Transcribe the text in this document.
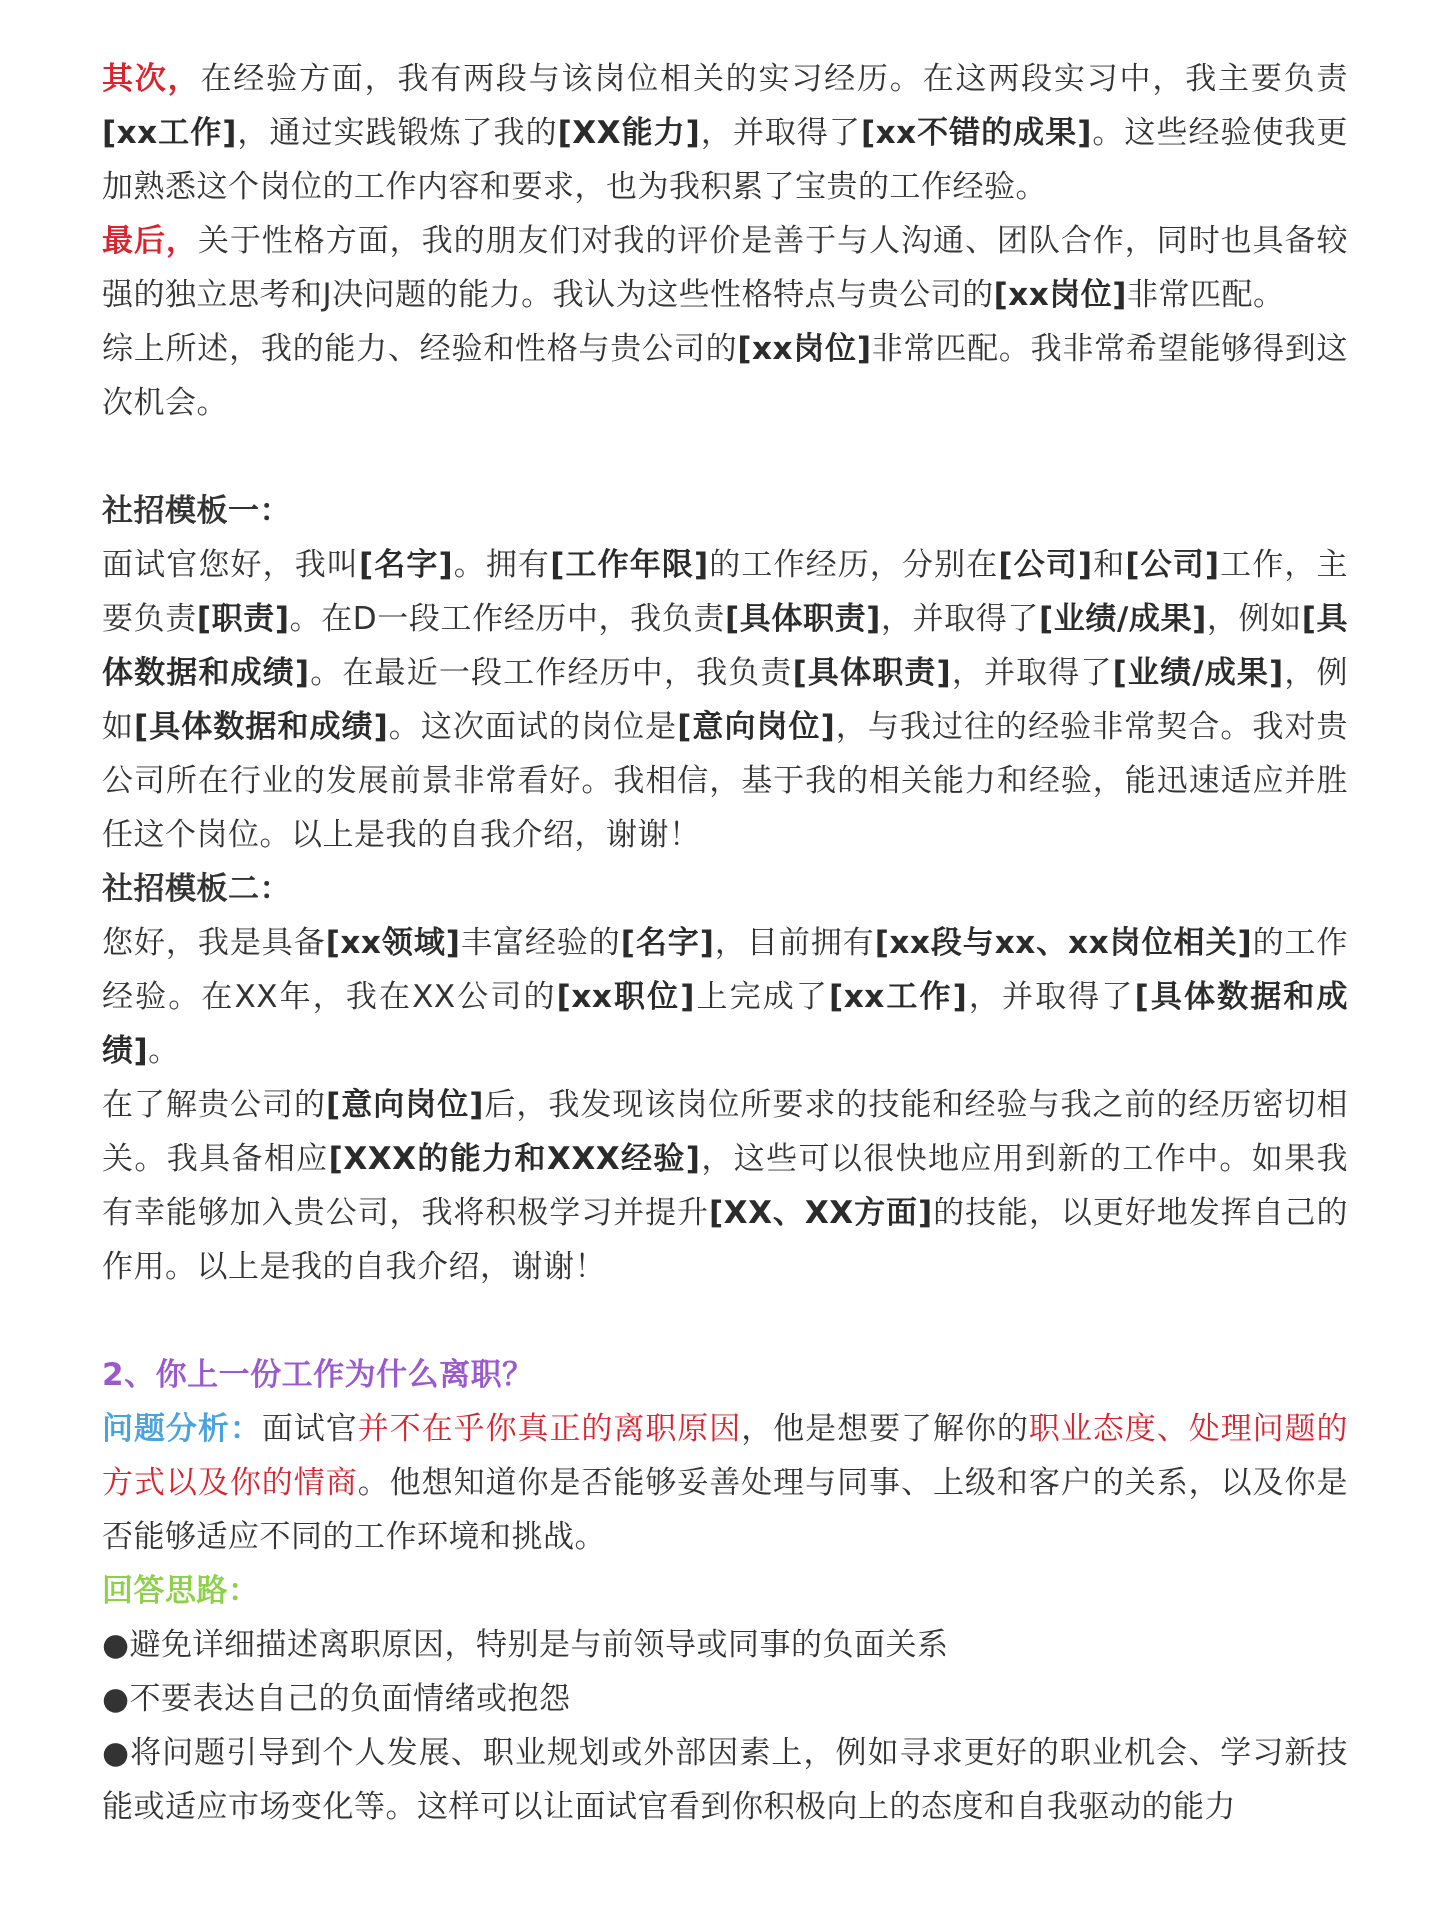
其次，在经验方面，我有两段与该岗位相关的实习经历。在这两段实习中，我主要负责[xx工作]，通过实践锻炼了我的[XX能力]，并取得了[xx不错的成果]。这些经验使我更加熟悉这个岗位的工作内容和要求，也为我积累了宝贵的工作经验。

最后，关于性格方面，我的朋友们对我的评价是善于与人沟通、团队合作，同时也具备较强的独立思考和J决问题的能力。我认为这些性格特点与贵公司的[xx岗位]非常匹配。

综上所述，我的能力、经验和性格与贵公司的[xx岗位]非常匹配。我非常希望能够得到这次机会。

社招模板一：

面试官您好，我叫[名字]。拥有[工作年限]的工作经历，分别在[公司]和[公司]工作，主要负责[职责]。在D一段工作经历中，我负责[具体职责]，并取得了[业绩/成果]，例如[具体数据和成绩]。在最近一段工作经历中，我负责[具体职责]，并取得了[业绩/成果]，例如[具体数据和成绩]。这次面试的岗位是[意向岗位]，与我过往的经验非常契合。我对贵公司所在行业的发展前景非常看好。我相信，基于我的相关能力和经验，能迅速适应并胜任这个岗位。以上是我的自我介绍，谢谢！

社招模板二：

您好，我是具备[xx领域]丰富经验的[名字]，目前拥有[xx段与xx、xx岗位相关]的工作经验。在XX年，我在XX公司的[xx职位]上完成了[xx工作]，并取得了[具体数据和成绩]。

在了解贵公司的[意向岗位]后，我发现该岗位所要求的技能和经验与我之前的经历密切相关。我具备相应[XXX的能力和XXX经验]，这些可以很快地应用到新的工作中。如果我有幸能够加入贵公司，我将积极学习并提升[XX、XX方面]的技能，以更好地发挥自己的作用。以上是我的自我介绍，谢谢！

2、你上一份工作为什么离职？

问题分析：面试官并不在乎你真正的离职原因，他是想要了解你的职业态度、处理问题的方式以及你的情商。他想知道你是否能够妥善处理与同事、上级和客户的关系，以及你是否能够适应不同的工作环境和挑战。

回答思路：

●避免详细描述离职原因，特别是与前领导或同事的负面关系

●不要表达自己的负面情绪或抱怨

●将问题引导到个人发展、职业规划或外部因素上，例如寻求更好的职业机会、学习新技能或适应市场变化等。这样可以让面试官看到你积极向上的态度和自我驱动的能力
